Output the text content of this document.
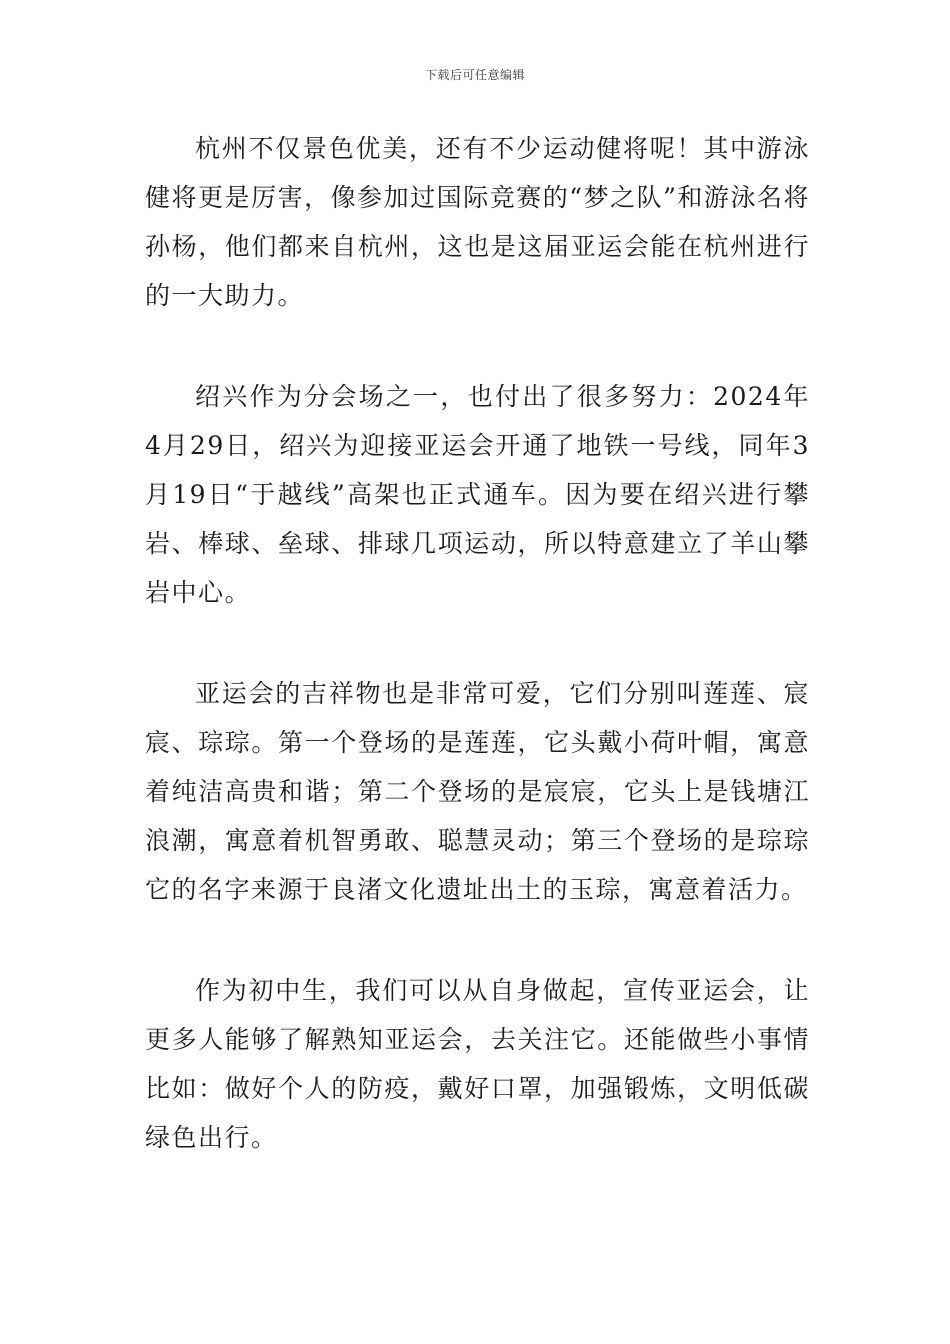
下载后可任意编辑

杭州不仅景色优美，还有不少运动健将呢！其中游泳健将更是厉害，像参加过国际竞赛的“梦之队”和游泳名将孙杨，他们都来自杭州，这也是这届亚运会能在杭州进行的一大助力。

绍兴作为分会场之一，也付出了很多努力：2024年4月29日，绍兴为迎接亚运会开通了地铁一号线，同年3月19日“于越线”高架也正式通车。因为要在绍兴进行攀岩、棒球、垒球、排球几项运动，所以特意建立了羊山攀岩中心。

亚运会的吉祥物也是非常可爱，它们分别叫莲莲、宸宸、琮琮。第一个登场的是莲莲，它头戴小荷叶帽，寓意着纯洁高贵和谐；第二个登场的是宸宸，它头上是钱塘江浪潮，寓意着机智勇敢、聪慧灵动；第三个登场的是琮琮它的名字来源于良渚文化遗址出土的玉琮，寓意着活力。

作为初中生，我们可以从自身做起，宣传亚运会，让更多人能够了解熟知亚运会，去关注它。还能做些小事情比如：做好个人的防疫，戴好口罩，加强锻炼，文明低碳绿色出行。
